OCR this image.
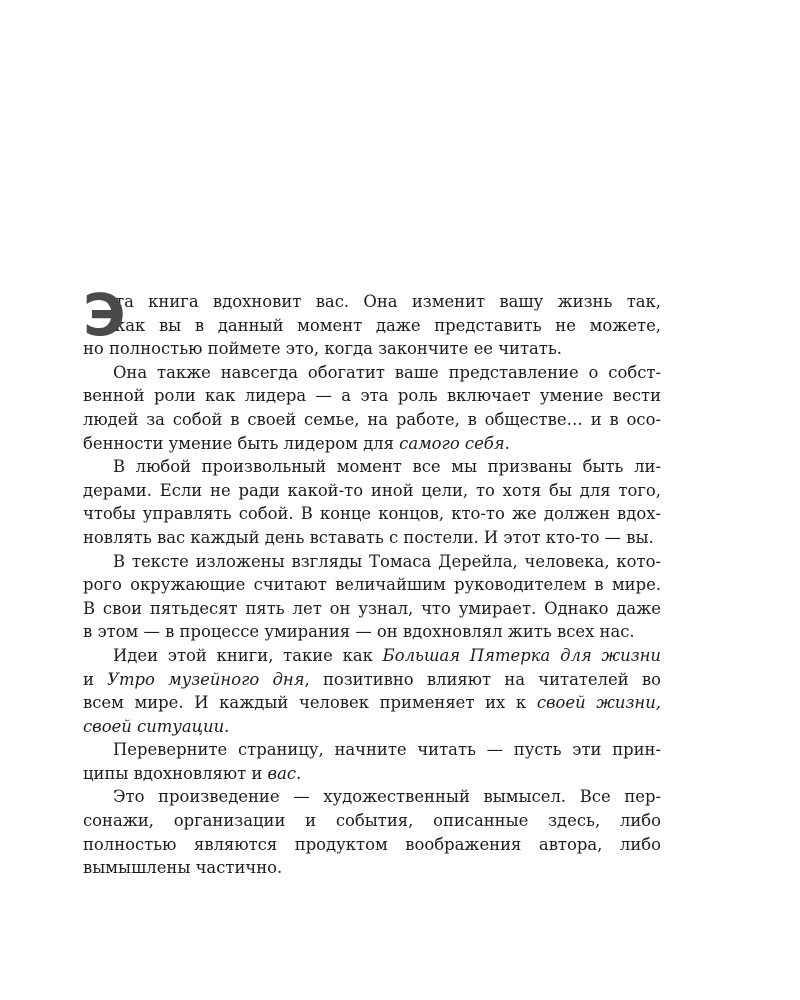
Э
та книга вдохновит вас. Она изменит вашу жизнь так,
как вы в данный момент даже представить не можете,
но полностью поймете это, когда закончите ее читать.
Она также навсегда обогатит ваше представление о собст-
венной роли как лидера — а эта роль включает умение вести
людей за собой в своей семье, на работе, в обществе… и в осо-
бенности умение быть лидером для самого себя.
В любой произвольный момент все мы призваны быть ли-
дерами. Если не ради какой-то иной цели, то хотя бы для того,
чтобы управлять собой. В конце концов, кто-то же должен вдох-
новлять вас каждый день вставать с постели. И этот кто-то — вы.
В тексте изложены взгляды Томаса Дерейла, человека, кото-
рого окружающие считают величайшим руководителем в мире.
В свои пятьдесят пять лет он узнал, что умирает. Однако даже
в этом — в процессе умирания — он вдохновлял жить всех нас.
Идеи этой книги, такие как Большая Пятерка для жизни
и Утро музейного дня, позитивно влияют на читателей во
всем мире. И каждый человек применяет их к своей жизни,
своей ситуации.
Переверните страницу, начните читать — пусть эти прин-
ципы вдохновляют и вас.
Это произведение — художественный вымысел. Все пер-
сонажи, организации и события, описанные здесь, либо
полностью являются продуктом воображения автора, либо
вымышлены частично.
